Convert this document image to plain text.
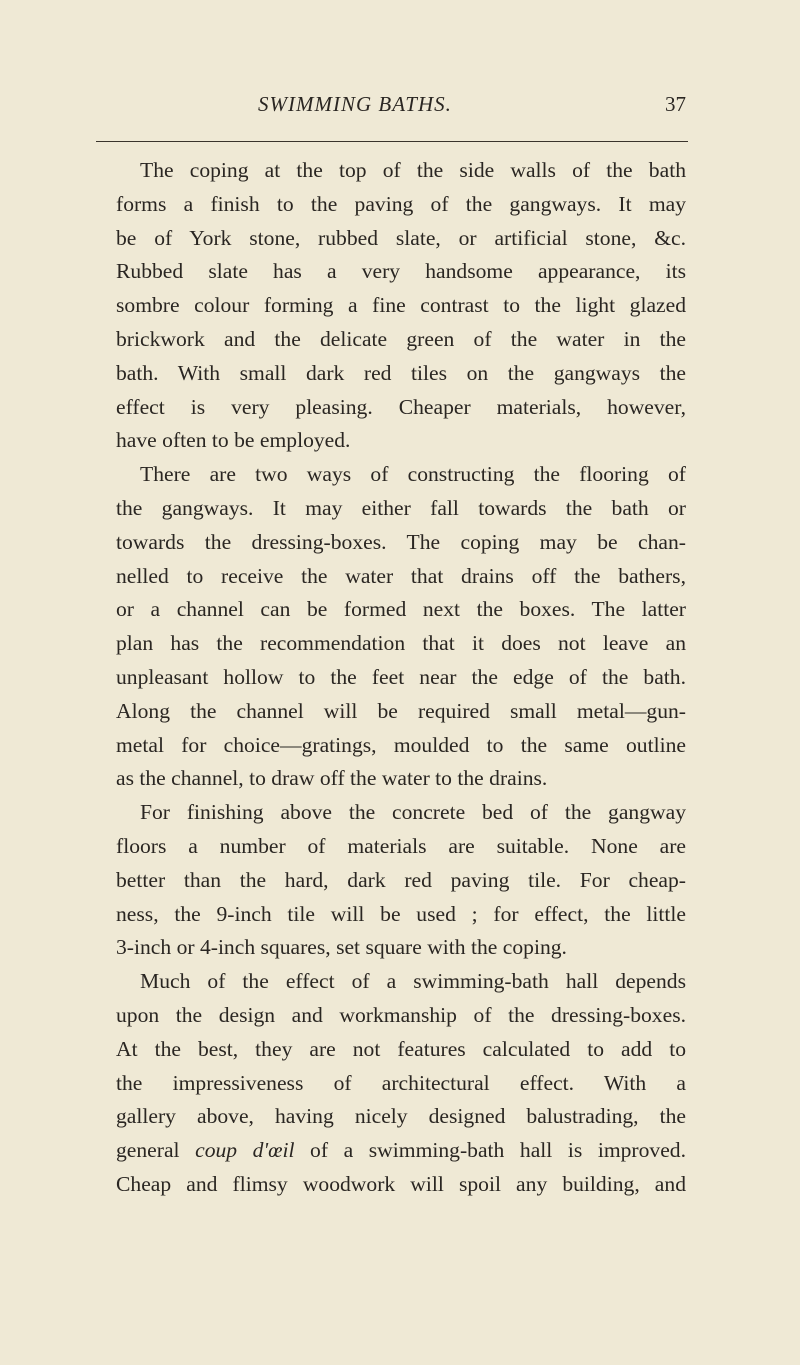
SWIMMING BATHS.	37
The coping at the top of the side walls of the bath
forms a finish to the paving of the gangways. It may
be of York stone, rubbed slate, or artificial stone, &c.
Rubbed slate has a very handsome appearance, its
sombre colour forming a fine contrast to the light glazed
brickwork and the delicate green of the water in the
bath. With small dark red tiles on the gangways the
effect is very pleasing. Cheaper materials, however,
have often to be employed.
There are two ways of constructing the flooring of
the gangways. It may either fall towards the bath or
towards the dressing-boxes. The coping may be chan-
nelled to receive the water that drains off the bathers,
or a channel can be formed next the boxes. The latter
plan has the recommendation that it does not leave an
unpleasant hollow to the feet near the edge of the bath.
Along the channel will be required small metal—gun-
metal for choice—gratings, moulded to the same outline
as the channel, to draw off the water to the drains.
For finishing above the concrete bed of the gangway
floors a number of materials are suitable. None are
better than the hard, dark red paving tile. For cheap-
ness, the 9-inch tile will be used ; for effect, the little
3-inch or 4-inch squares, set square with the coping.
Much of the effect of a swimming-bath hall depends
upon the design and workmanship of the dressing-boxes.
At the best, they are not features calculated to add to
the impressiveness of architectural effect. With a
gallery above, having nicely designed balustrading, the
general coup d'œil of a swimming-bath hall is improved.
Cheap and flimsy woodwork will spoil any building, and
